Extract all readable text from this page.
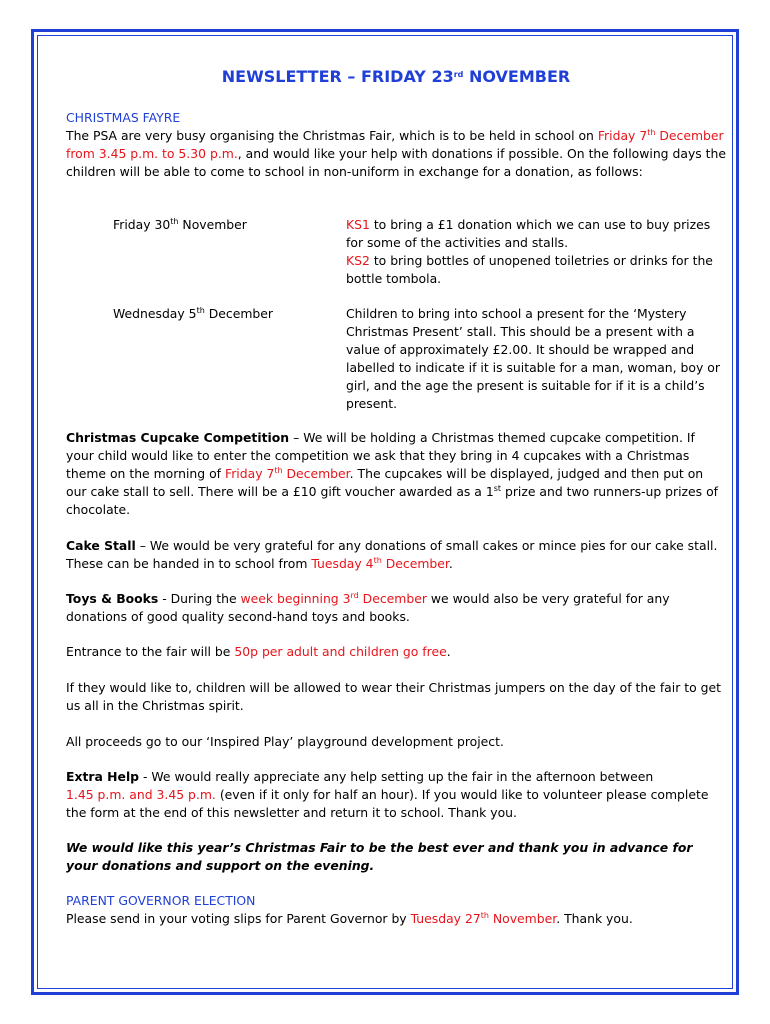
NEWSLETTER – FRIDAY 23rd NOVEMBER
CHRISTMAS FAYRE

The PSA are very busy organising the Christmas Fair, which is to be held in school on Friday 7th December from 3.45 p.m. to 5.30 p.m., and would like your help with donations if possible. On the following days the children will be able to come to school in non-uniform in exchange for a donation, as follows:

Friday 30th November	KS1 to bring a £1 donation which we can use to buy prizes for some of the activities and stalls.
KS2 to bring bottles of unopened toiletries or drinks for the bottle tombola.
Wednesday 5th December	Children to bring into school a present for the ‘Mystery Christmas Present’ stall. This should be a present with a value of approximately £2.00. It should be wrapped and labelled to indicate if it is suitable for a man, woman, boy or girl, and the age the present is suitable for if it is a child’s present.

Christmas Cupcake Competition – We will be holding a Christmas themed cupcake competition. If your child would like to enter the competition we ask that they bring in 4 cupcakes with a Christmas theme on the morning of Friday 7th December. The cupcakes will be displayed, judged and then put on our cake stall to sell. There will be a £10 gift voucher awarded as a 1st prize and two runners-up prizes of chocolate.

Cake Stall – We would be very grateful for any donations of small cakes or mince pies for our cake stall. These can be handed in to school from Tuesday 4th December.

Toys & Books - During the week beginning 3rd December we would also be very grateful for any donations of good quality second-hand toys and books.

Entrance to the fair will be 50p per adult and children go free.

If they would like to, children will be allowed to wear their Christmas jumpers on the day of the fair to get us all in the Christmas spirit.

All proceeds go to our ‘Inspired Play’ playground development project.

Extra Help - We would really appreciate any help setting up the fair in the afternoon between
1.45 p.m. and 3.45 p.m. (even if it only for half an hour). If you would like to volunteer please complete the form at the end of this newsletter and return it to school. Thank you.

We would like this year’s Christmas Fair to be the best ever and thank you in advance for your donations and support on the evening.

PARENT GOVERNOR ELECTION

Please send in your voting slips for Parent Governor by Tuesday 27th November. Thank you.
